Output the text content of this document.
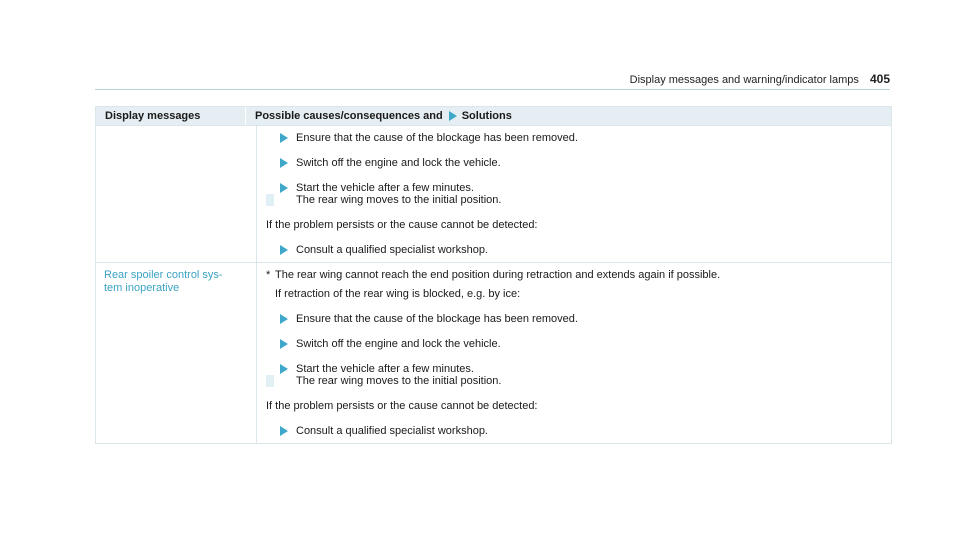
Display messages and warning/indicator lamps 405
Display messages	Possible causes/consequences and Solutions
Ensure that the cause of the blockage has been removed.
Switch off the engine and lock the vehicle.
Start the vehicle after a few minutes.
The rear wing moves to the initial position.
If the problem persists or the cause cannot be detected:
Consult a qualified specialist workshop.
Rear spoiler control sys-
tem inoperative
* The rear wing cannot reach the end position during retraction and extends again if possible.
If retraction of the rear wing is blocked, e.g. by ice:
Ensure that the cause of the blockage has been removed.
Switch off the engine and lock the vehicle.
Start the vehicle after a few minutes.
The rear wing moves to the initial position.
If the problem persists or the cause cannot be detected:
Consult a qualified specialist workshop.
